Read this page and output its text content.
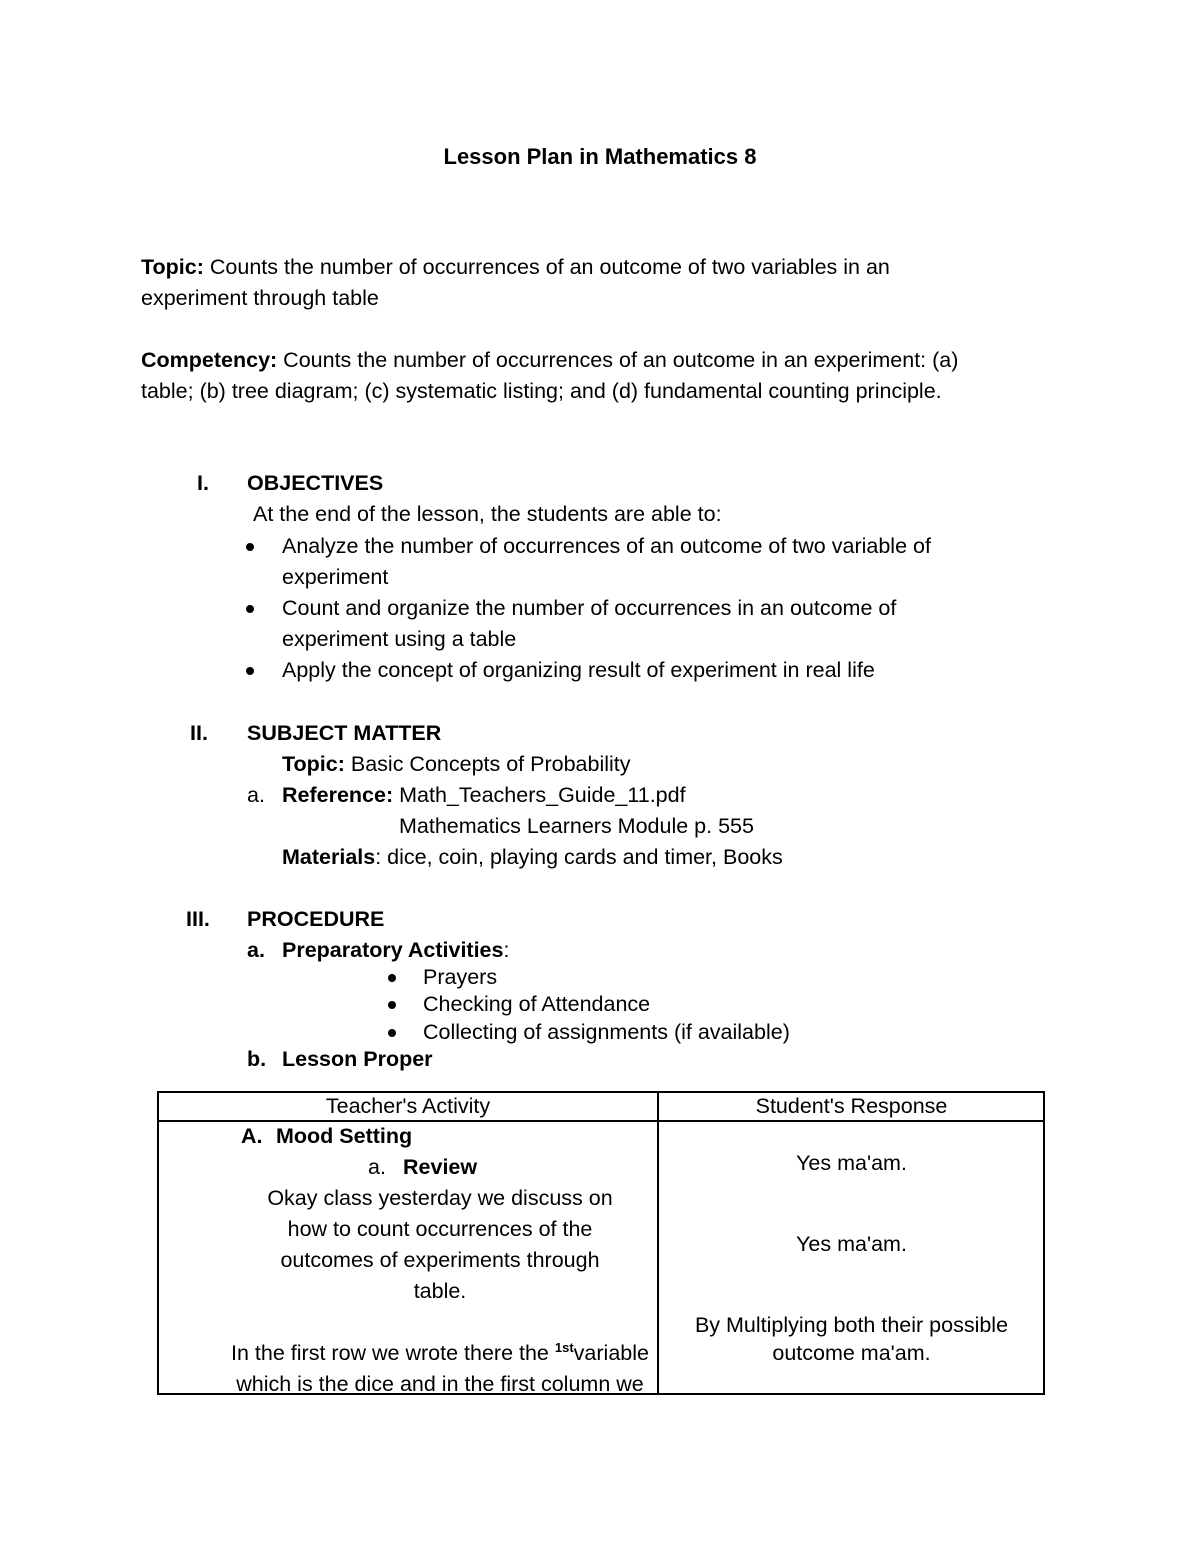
Lesson Plan in Mathematics 8
Topic: Counts the number of occurrences of an outcome of two variables in an
experiment through table
Competency: Counts the number of occurrences of an outcome in an experiment: (a)
table; (b) tree diagram; (c) systematic listing; and (d) fundamental counting principle.
I. OBJECTIVES
At the end of the lesson, the students are able to:
Analyze the number of occurrences of an outcome of two variable of
experiment
Count and organize the number of occurrences in an outcome of
experiment using a table
Apply the concept of organizing result of experiment in real life
II. SUBJECT MATTER
Topic: Basic Concepts of Probability
a. Reference: Math_Teachers_Guide_11.pdf
Mathematics Learners Module p. 555
Materials: dice, coin, playing cards and timer, Books
III. PROCEDURE
a. Preparatory Activities:
Prayers
Checking of Attendance
Collecting of assignments (if available)
b. Lesson Proper
Teacher's Activity	Student's Response
A. Mood Setting
a. Review
Okay class yesterday we discuss on
how to count occurrences of the
outcomes of experiments through
table.
In the first row we wrote there the $^{1st}$variable
which is the dice and in the first column we
Yes ma'am.
Yes ma'am.
By Multiplying both their possible
outcome ma'am.
